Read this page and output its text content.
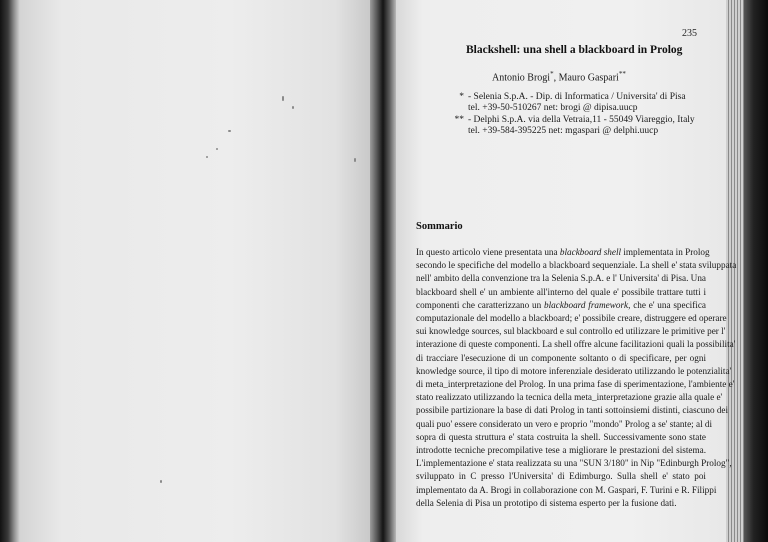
235
Blackshell: una shell a blackboard in Prolog
Antonio Brogi*, Mauro Gaspari**
* - Selenia S.p.A. - Dip. di Informatica / Universita' di Pisa
tel. +39-50-510267 net: brogi @ dipisa.uucp
** - Delphi S.p.A. via della Vetraia,11 - 55049 Viareggio, Italy
tel. +39-584-395225 net: mgaspari @ delphi.uucp
Sommario
In questo articolo viene presentata una blackboard shell implementata in Prolog
secondo le specifiche del modello a blackboard sequenziale. La shell e' stata sviluppata
nell' ambito della convenzione tra la Selenia S.p.A. e l' Universita' di Pisa. Una
blackboard shell e' un ambiente all'interno del quale e' possibile trattare tutti i
componenti che caratterizzano un blackboard framework, che e' una specifica
computazionale del modello a blackboard; e' possibile creare, distruggere ed operare
sui knowledge sources, sul blackboard e sul controllo ed utilizzare le primitive per l'
interazione di queste componenti. La shell offre alcune facilitazioni quali la possibilita'
di tracciare l'esecuzione di un componente soltanto o di specificare, per ogni
knowledge source, il tipo di motore inferenziale desiderato utilizzando le potenzialita'
di meta_interpretazione del Prolog. In una prima fase di sperimentazione, l'ambiente e'
stato realizzato utilizzando la tecnica della meta_interpretazione grazie alla quale e'
possibile partizionare la base di dati Prolog in tanti sottoinsiemi distinti, ciascuno dei
quali puo' essere considerato un vero e proprio "mondo" Prolog a se' stante; al di
sopra di questa struttura e' stata costruita la shell. Successivamente sono state
introdotte tecniche precompilative tese a migliorare le prestazioni del sistema.
L'implementazione e' stata realizzata su una "SUN 3/180" in Nip "Edinburgh Prolog",
sviluppato in C presso l'Universita' di Edimburgo. Sulla shell e' stato poi
implementato da A. Brogi in collaborazione con M. Gaspari, F. Turini e R. Filippi
della Selenia di Pisa un prototipo di sistema esperto per la fusione dati.
